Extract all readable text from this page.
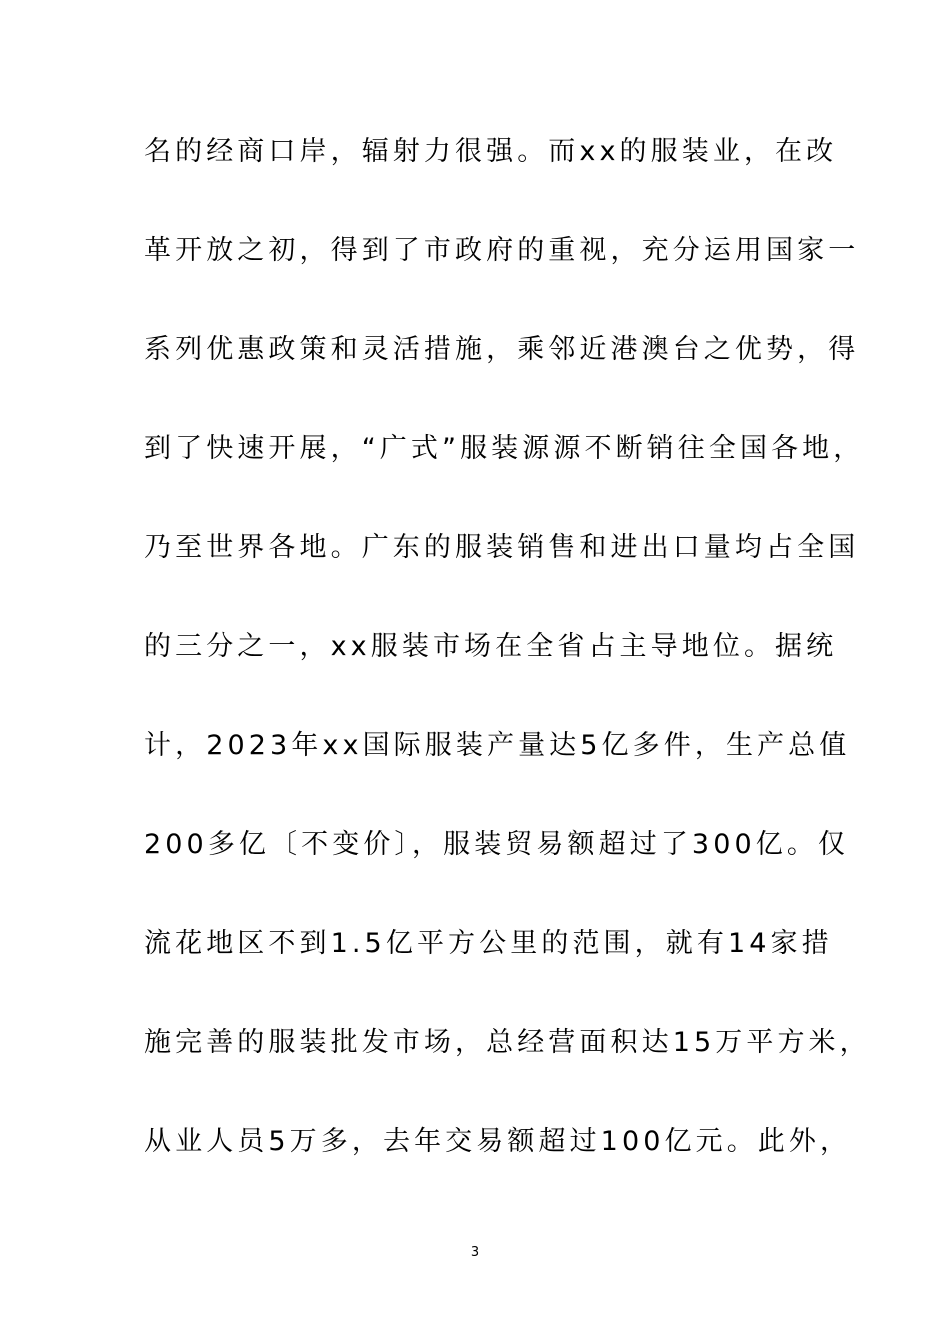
名的经商口岸，辐射力很强。而xx的服装业，在改
革开放之初，得到了市政府的重视，充分运用国家一
系列优惠政策和灵活措施，乘邻近港澳台之优势，得
到了快速开展，“广式”服装源源不断销往全国各地，
乃至世界各地。广东的服装销售和进出口量均占全国
的三分之一，xx服装市场在全省占主导地位。据统
计，2023年xx国际服装产量达5亿多件，生产总值
200多亿〔不变价〕，服装贸易额超过了300亿。仅
流花地区不到1.5亿平方公里的范围，就有14家措
施完善的服装批发市场，总经营面积达15万平方米，
从业人员5万多，去年交易额超过100亿元。此外，
3
